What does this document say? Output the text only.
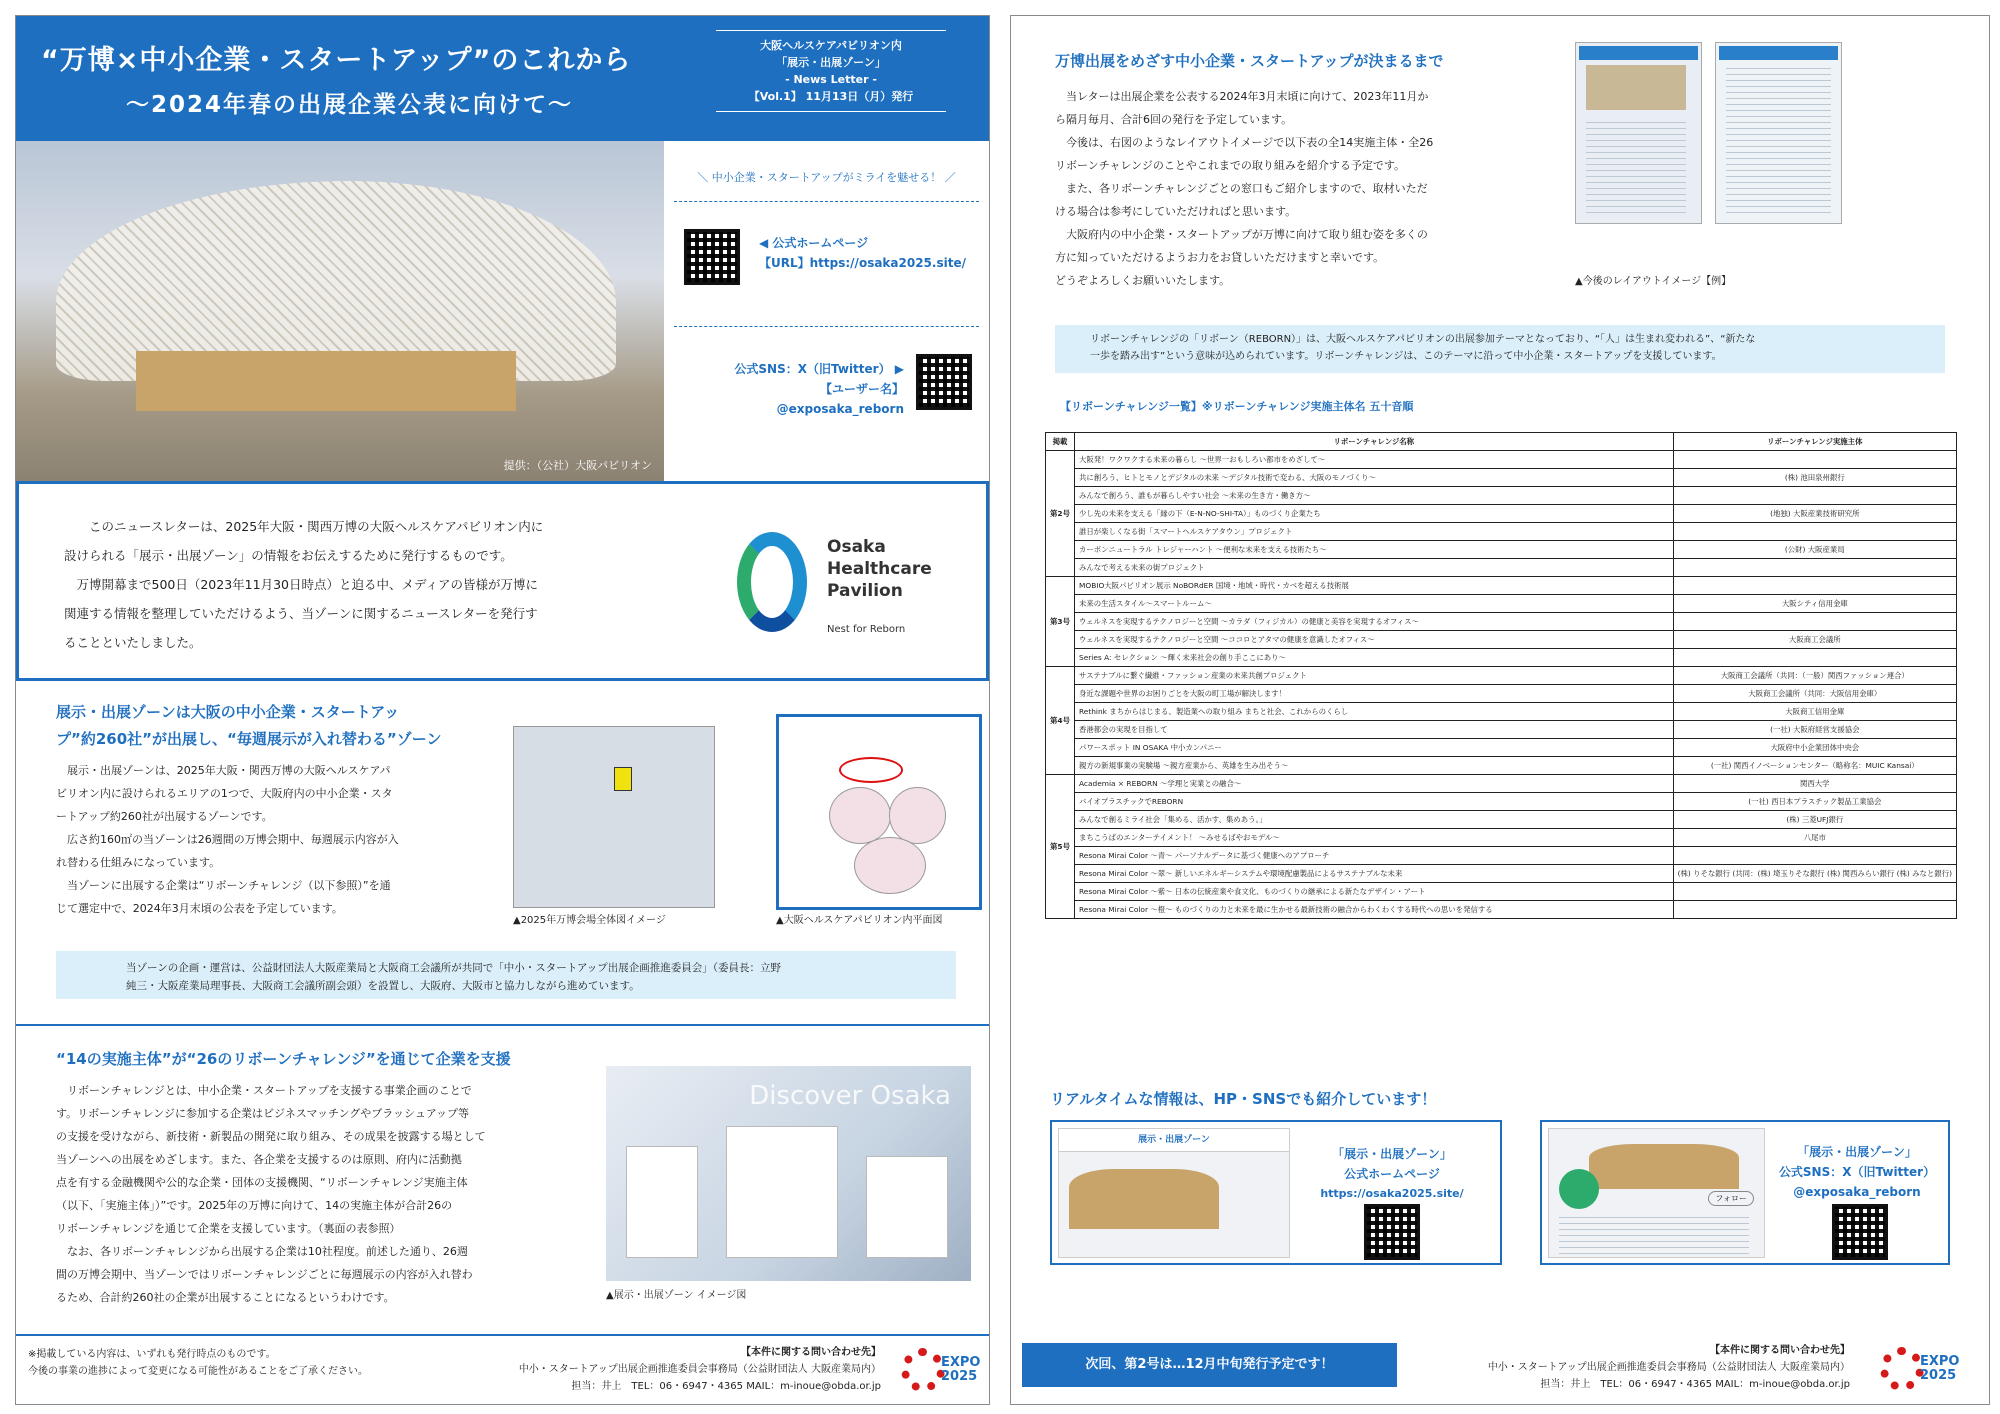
“万博×中小企業・スタートアップ”のこれから
～2024年春の出展企業公表に向けて～
大阪ヘルスケアパビリオン内
「展示・出展ゾーン」
- News Letter -
【Vol.1】 11月13日（月）発行
提供：（公社）大阪パビリオン
＼ 中小企業・スタートアップがミライを魅せる！ ／
◀ 公式ホームページ
【URL】https://osaka2025.site/
公式SNS：X（旧Twitter） ▶
【ユーザー名】@exposaka_reborn
このニュースレターは、2025年大阪・関西万博の大阪ヘルスケアパビリオン内に
設けられる「展示・出展ゾーン」の情報をお伝えするために発行するものです。
万博開幕まで500日（2023年11月30日時点）と迫る中、メディアの皆様が万博に
関連する情報を整理していただけるよう、当ゾーンに関するニュースレターを発行す
ることといたしました。
Osaka
Healthcare
Pavilion
Nest for Reborn
展示・出展ゾーンは大阪の中小企業・スタートアッ
プ”約260社”が出展し、“毎週展示が入れ替わる”ゾーン
展示・出展ゾーンは、2025年大阪・関西万博の大阪ヘルスケアパ
ビリオン内に設けられるエリアの1つで、大阪府内の中小企業・スタ
ートアップ約260社が出展するゾーンです。
広さ約160㎡の当ゾーンは26週間の万博会期中、毎週展示内容が入
れ替わる仕組みになっています。
当ゾーンに出展する企業は“リボーンチャレンジ（以下参照）”を通
じて選定中で、2024年3月末頃の公表を予定しています。
▲2025年万博会場全体図イメージ	▲大阪ヘルスケアパビリオン内平面図
当ゾーンの企画・運営は、公益財団法人大阪産業局と大阪商工会議所が共同で「中小・スタートアップ出展企画推進委員会」（委員長：立野
純三・大阪産業局理事長、大阪商工会議所副会頭）を設置し、大阪府、大阪市と協力しながら進めています。
“14の実施主体”が“26のリボーンチャレンジ”を通じて企業を支援
リボーンチャレンジとは、中小企業・スタートアップを支援する事業企画のことで
す。リボーンチャレンジに参加する企業はビジネスマッチングやブラッシュアップ等
の支援を受けながら、新技術・新製品の開発に取り組み、その成果を披露する場として
当ゾーンへの出展をめざします。また、各企業を支援するのは原則、府内に活動拠
点を有する金融機関や公的な企業・団体の支援機関、“リボーンチャレンジ実施主体
（以下、「実施主体」）”です。2025年の万博に向けて、14の実施主体が合計26の
リボーンチャレンジを通じて企業を支援しています。（裏面の表参照）
なお、各リボーンチャレンジから出展する企業は10社程度。前述した通り、26週
間の万博会期中、当ゾーンではリボーンチャレンジごとに毎週展示の内容が入れ替わ
るため、合計約260社の企業が出展することになるというわけです。
Discover Osaka
▲展示・出展ゾーン イメージ図
※掲載している内容は、いずれも発行時点のものです。
今後の事業の進捗によって変更になる可能性があることをご了承ください。
【本件に関する問い合わせ先】
中小・スタートアップ出展企画推進委員会事務局（公益財団法人 大阪産業局内）
担当：井上　TEL：06・6947・4365 MAIL：m-inoue@obda.or.jp
EXPO
2025
万博出展をめざす中小企業・スタートアップが決まるまで
当レターは出展企業を公表する2024年3月末頃に向けて、2023年11月か
ら隔月毎月、合計6回の発行を予定しています。
今後は、右図のようなレイアウトイメージで以下表の全14実施主体・全26
リボーンチャレンジのことやこれまでの取り組みを紹介する予定です。
また、各リボーンチャレンジごとの窓口もご紹介しますので、取材いただ
ける場合は参考にしていただければと思います。
大阪府内の中小企業・スタートアップが万博に向けて取り組む姿を多くの
方に知っていただけるようお力をお貸しいただけますと幸いです。
どうぞよろしくお願いいたします。	▲今後のレイアウトイメージ【例】
リボーンチャレンジの「リボーン（REBORN）」は、大阪ヘルスケアパビリオンの出展参加テーマとなっており、“「人」は生まれ変われる”、“新たな
一歩を踏み出す”という意味が込められています。リボーンチャレンジは、このテーマに沿って中小企業・スタートアップを支援しています。
【リボーンチャレンジ一覧】※リボーンチャレンジ実施主体名 五十音順
掲載	リボーンチャレンジ名称	リボーンチャレンジ実施主体
第2号	大阪発！ワクワクする未来の暮らし ～世界一おもしろい都市をめざして～	
	共に創ろう、ヒトとモノとデジタルの未来 ～デジタル技術で変わる、大阪のモノづくり～	(株) 池田泉州銀行
	みんなで創ろう、誰もが暮らしやすい社会 ～未来の生き方・働き方～	
	少し先の未来を支える「縁の下（E-N-NO-SHI-TA）」ものづくり企業たち	(地独) 大阪産業技術研究所
	誰日が楽しくなる街「スマートヘルスケアタウン」プロジェクト	
	カーボンニュートラル トレジャーハント ～便利な未来を支える技術たち～	(公財) 大阪産業局
	みんなで考える未来の街プロジェクト	
第3号	MOBIO大阪パビリオン展示 NoBORdER 国境・地域・時代・カベを超える技術展	
	未来の生活スタイル～スマートルーム～	大阪シティ信用金庫
	ウェルネスを実現するテクノロジーと空間 ～カラダ（フィジカル）の健康と美容を実現するオフィス～	
	ウェルネスを実現するテクノロジーと空間 ～ココロとアタマの健康を意識したオフィス～	大阪商工会議所
	Series A: セレクション ～輝く未来社会の創り手ここにあり～	
第4号	サステナブルに繋ぐ繊維・ファッション産業の未来共創プロジェクト	大阪商工会議所（共同：（一般）関西ファッション連合）
	身近な課題や世界のお困りごとを大阪の町工場が解決します！	大阪商工会議所（共同：大阪信用金庫）
	Rethink まちからはじまる、製造業への取り組み まちと社会、これからのくらし	大阪商工信用金庫
	香港都会の実現を目指して	(一社) 大阪府経営支援協会
	パワースポット IN OSAKA 中小カンパニー	大阪府中小企業団体中央会
	親方の新規事業の実験場 ～親方産業から、英雄を生み出そう～	(一社) 関西イノベーションセンター（略称名：MUIC Kansai）
第5号	Academia × REBORN ～学理と実業との融合～	関西大学
	バイオプラスチックでREBORN	(一社) 西日本プラスチック製品工業協会
	みんなで創るミライ社会「集める、活かす、集めあう。」	(株) 三菱UFJ銀行
	まちこうばのエンターテイメント！ ～みせるばやおモデル～	八尾市
	Resona Mirai Color ～青～ パーソナルデータに基づく健康へのアプローチ	
	Resona Mirai Color ～翠～ 新しいエネルギーシステムや環境配慮製品によるサステナブルな未来	(株) りそな銀行 (共同：(株) 埼玉りそな銀行 (株) 関西みらい銀行 (株) みなと銀行)
	Resona Mirai Color ～紫～ 日本の伝統産業や食文化、ものづくりの継承による新たなデザイン・アート	
	Resona Mirai Color ～橙～ ものづくりの力と未来を最に生かせる最新技術の融合からわくわくする時代への思いを発信する	
リアルタイムな情報は、HP・SNSでも紹介しています！
展示・出展ゾーン
「展示・出展ゾーン」
公式ホームページ
https://osaka2025.site/	フォロー
「展示・出展ゾーン」
公式SNS：X（旧Twitter）
@exposaka_reborn
次回、第2号は…12月中旬発行予定です！
【本件に関する問い合わせ先】
中小・スタートアップ出展企画推進委員会事務局（公益財団法人 大阪産業局内）
担当：井上　TEL：06・6947・4365 MAIL：m-inoue@obda.or.jp
EXPO
2025
